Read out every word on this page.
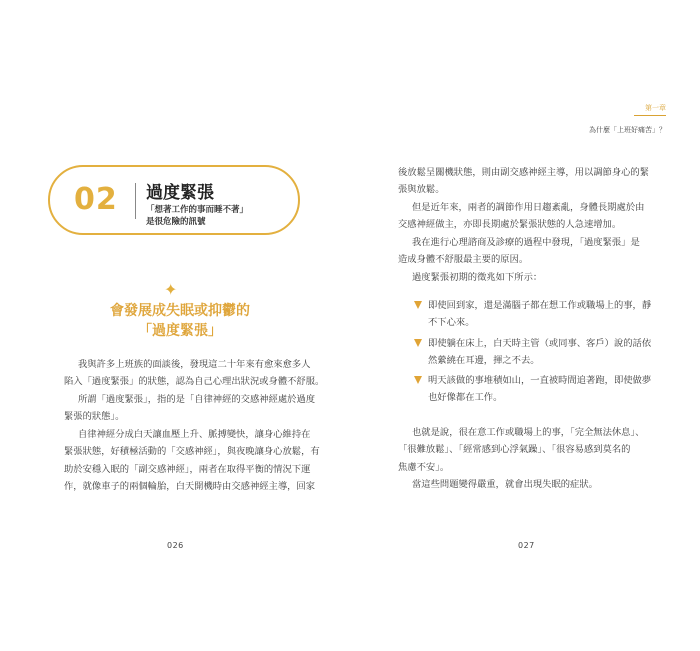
02 過度緊張
「想著工作的事而睡不著」
是很危險的訊號
✦
會發展成失眠或抑鬱的
「過度緊張」
我與許多上班族的面談後，發現這二十年來有愈來愈多人
陷入「過度緊張」的狀態，認為自己心理出狀況或身體不舒服。
所謂「過度緊張」，指的是「自律神經的交感神經處於過度
緊張的狀態」。
自律神經分成白天讓血壓上升、脈搏變快，讓身心維持在
緊張狀態，好積極活動的「交感神經」，與夜晚讓身心放鬆，有
助於安穩入眠的「副交感神經」，兩者在取得平衡的情況下運
作，就像車子的兩個輪胎，白天開機時由交感神經主導，回家
026
第一章
為什麼「上班好痛苦」？
後放鬆呈關機狀態，則由副交感神經主導，用以調節身心的緊
張與放鬆。
但是近年來，兩者的調節作用日趨紊亂，身體長期處於由
交感神經做主，亦即長期處於緊張狀態的人急速增加。
我在進行心理諮商及診療的過程中發現，「過度緊張」是
造成身體不舒服最主要的原因。
過度緊張初期的徵兆如下所示：
即使回到家，還是滿腦子都在想工作或職場上的事，靜
不下心來。
即使躺在床上，白天時主管（或同事、客戶）說的話依
然縈繞在耳邊，揮之不去。
明天該做的事堆積如山，一直被時間追著跑，即使做夢
也好像都在工作。
也就是說，很在意工作或職場上的事，「完全無法休息」、
「很難放鬆」、「經常感到心浮氣躁」、「很容易感到莫名的
焦慮不安」。
當這些問題變得嚴重，就會出現失眠的症狀。
027
